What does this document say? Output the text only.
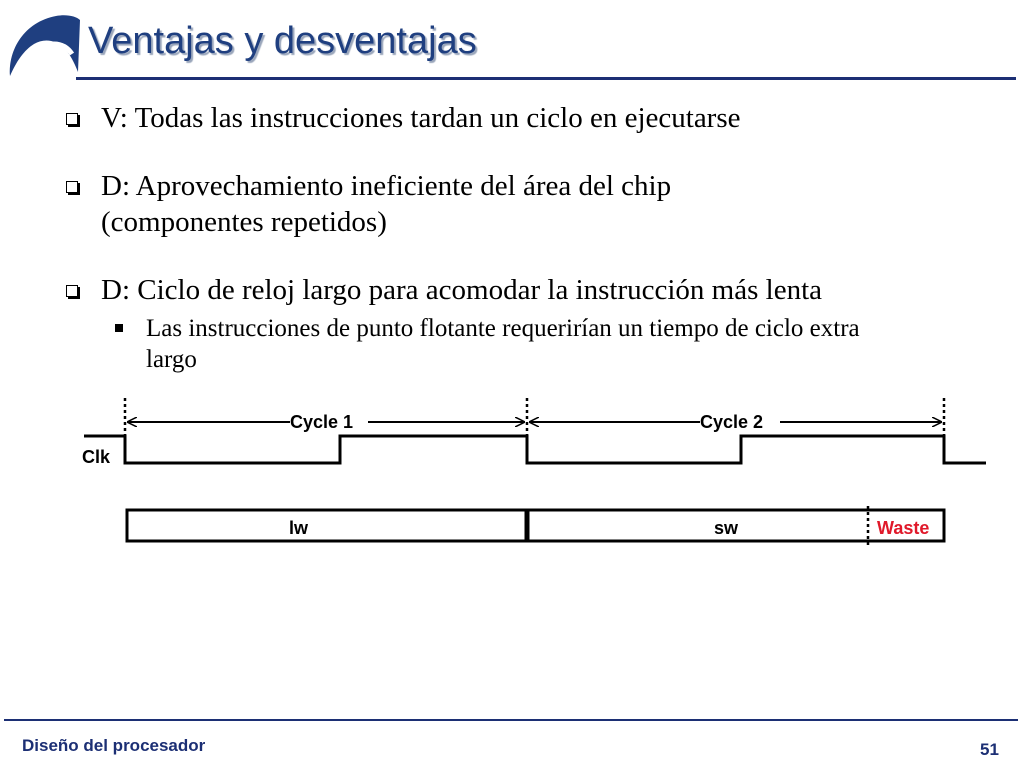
Ventajas y desventajas
V: Todas las instrucciones tardan un ciclo en ejecutarse
D: Aprovechamiento ineficiente del área del chip
(componentes repetidos)
D: Ciclo de reloj largo para acomodar la instrucción más lenta
Las instrucciones de punto flotante requerirían un tiempo de ciclo extra
largo
Cycle 1	Cycle 2
Clk
lw	sw	Waste
Diseño del procesador	51
